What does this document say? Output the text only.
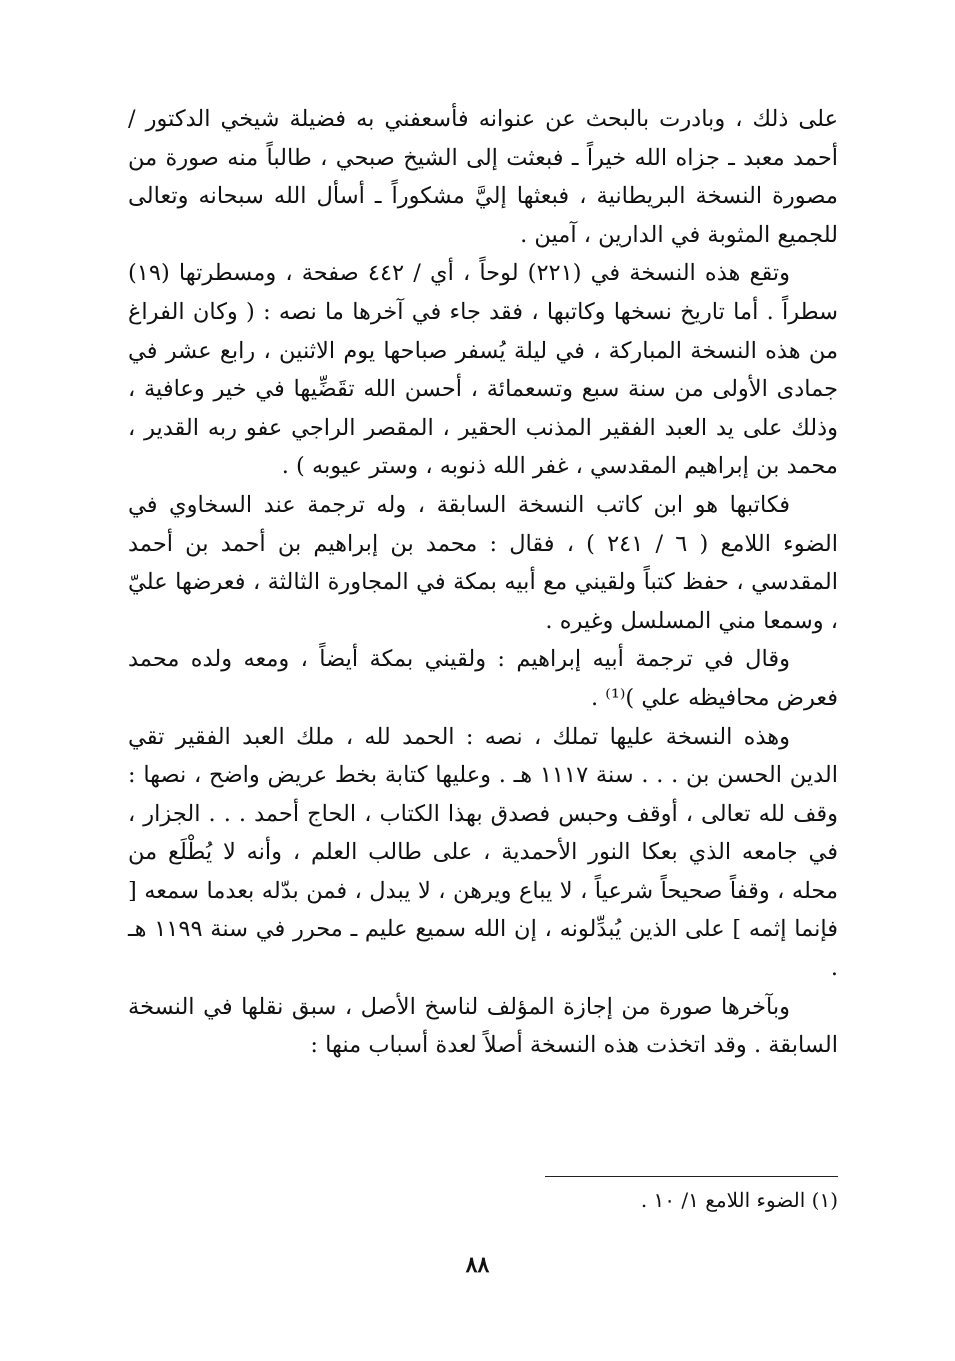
على ذلك ، وبادرت بالبحث عن عنوانه فأسعفني به فضيلة شيخي الدكتور / أحمد معبد ـ جزاه الله خيراً ـ فبعثت إلى الشيخ صبحي ، طالباً منه صورة من مصورة النسخة البريطانية ، فبعثها إليَّ مشكوراً ـ أسأل الله سبحانه وتعالى للجميع المثوبة في الدارين ، آمين .

وتقع هذه النسخة في (٢٢١) لوحاً ، أي / ٤٤٢ صفحة ، ومسطرتها (١٩) سطراً . أما تاريخ نسخها وكاتبها ، فقد جاء في آخرها ما نصه : ( وكان الفراغ من هذه النسخة المباركة ، في ليلة يُسفر صباحها يوم الاثنين ، رابع عشر في جمادى الأولى من سنة سبع وتسعمائة ، أحسن الله تقَضِّيها في خير وعافية ، وذلك على يد العبد الفقير المذنب الحقير ، المقصر الراجي عفو ربه القدير ، محمد بن إبراهيم المقدسي ، غفر الله ذنوبه ، وستر عيوبه ) .

فكاتبها هو ابن كاتب النسخة السابقة ، وله ترجمة عند السخاوي في الضوء اللامع ( ٦ / ٢٤١ ) ، فقال : محمد بن إبراهيم بن أحمد بن أحمد المقدسي ، حفظ كتباً ولقيني مع أبيه بمكة في المجاورة الثالثة ، فعرضها عليّ ، وسمعا مني المسلسل وغيره .

وقال في ترجمة أبيه إبراهيم : ولقيني بمكة أيضاً ، ومعه ولده محمد فعرض محافيظه علي )⁽¹⁾ .

وهذه النسخة عليها تملك ، نصه : الحمد لله ، ملك العبد الفقير تقي الدين الحسن بن . . . سنة ١١١٧ هـ . وعليها كتابة بخط عريض واضح ، نصها : وقف لله تعالى ، أوقف وحبس فصدق بهذا الكتاب ، الحاج أحمد . . . الجزار ، في جامعه الذي بعكا النور الأحمدية ، على طالب العلم ، وأنه لا يُطْلَع من محله ، وقفاً صحيحاً شرعياً ، لا يباع ويرهن ، لا يبدل ، فمن بدّله بعدما سمعه [ فإنما إثمه ] على الذين يُبدِّلونه ، إن الله سميع عليم ـ محرر في سنة ١١٩٩ هـ .

وبآخرها صورة من إجازة المؤلف لناسخ الأصل ، سبق نقلها في النسخة السابقة . وقد اتخذت هذه النسخة أصلاً لعدة أسباب منها :

(١) الضوء اللامع ١/ ١٠ .
٨٨
